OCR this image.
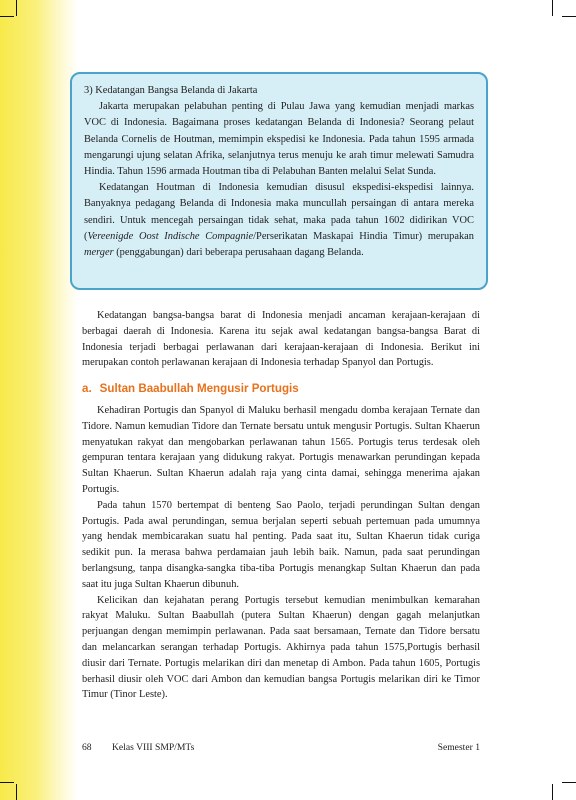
3) Kedatangan Bangsa Belanda di Jakarta

Jakarta merupakan pelabuhan penting di Pulau Jawa yang kemudian menjadi markas VOC di Indonesia. Bagaimana proses kedatangan Belanda di Indonesia? Seorang pelaut Belanda Cornelis de Houtman, memimpin ekspedisi ke Indonesia. Pada tahun 1595 armada mengarungi ujung selatan Afrika, selanjutnya terus menuju ke arah timur melewati Samudra Hindia. Tahun 1596 armada Houtman tiba di Pelabuhan Banten melalui Selat Sunda.

Kedatangan Houtman di Indonesia kemudian disusul ekspedisi-ekspedisi lainnya. Banyaknya pedagang Belanda di Indonesia maka muncullah persaingan di antara mereka sendiri. Untuk mencegah persaingan tidak sehat, maka pada tahun 1602 didirikan VOC (Vereenigde Oost Indische Compagnie/Perserikatan Maskapai Hindia Timur) merupakan merger (penggabungan) dari beberapa perusahaan dagang Belanda.

Kedatangan bangsa-bangsa barat di Indonesia menjadi ancaman kerajaan-kerajaan di berbagai daerah di Indonesia. Karena itu sejak awal kedatangan bangsa-bangsa Barat di Indonesia terjadi berbagai perlawanan dari kerajaan-kerajaan di Indonesia. Berikut ini merupakan contoh perlawanan kerajaan di Indonesia terhadap Spanyol dan Portugis.

a. Sultan Baabullah Mengusir Portugis

Kehadiran Portugis dan Spanyol di Maluku berhasil mengadu domba kerajaan Ternate dan Tidore. Namun kemudian Tidore dan Ternate bersatu untuk mengusir Portugis. Sultan Khaerun menyatukan rakyat dan mengobarkan perlawanan tahun 1565. Portugis terus terdesak oleh gempuran tentara kerajaan yang didukung rakyat. Portugis menawarkan perundingan kepada Sultan Khaerun. Sultan Khaerun adalah raja yang cinta damai, sehingga menerima ajakan Portugis.

Pada tahun 1570 bertempat di benteng Sao Paolo, terjadi perundingan Sultan dengan Portugis. Pada awal perundingan, semua berjalan seperti sebuah pertemuan pada umumnya yang hendak membicarakan suatu hal penting. Pada saat itu, Sultan Khaerun tidak curiga sedikit pun. Ia merasa bahwa perdamaian jauh lebih baik. Namun, pada saat perundingan berlangsung, tanpa disangka-sangka tiba-tiba Portugis menangkap Sultan Khaerun dan pada saat itu juga Sultan Khaerun dibunuh.

Kelicikan dan kejahatan perang Portugis tersebut kemudian menimbulkan kemarahan rakyat Maluku. Sultan Baabullah (putera Sultan Khaerun) dengan gagah melanjutkan perjuangan dengan memimpin perlawanan. Pada saat bersamaan, Ternate dan Tidore bersatu dan melancarkan serangan terhadap Portugis. Akhirnya pada tahun 1575,Portugis berhasil diusir dari Ternate. Portugis melarikan diri dan menetap di Ambon. Pada tahun 1605, Portugis berhasil diusir oleh VOC dari Ambon dan kemudian bangsa Portugis melarikan diri ke Timor Timur (Tinor Leste).

68 Kelas VIII SMP/MTs	Semester 1
